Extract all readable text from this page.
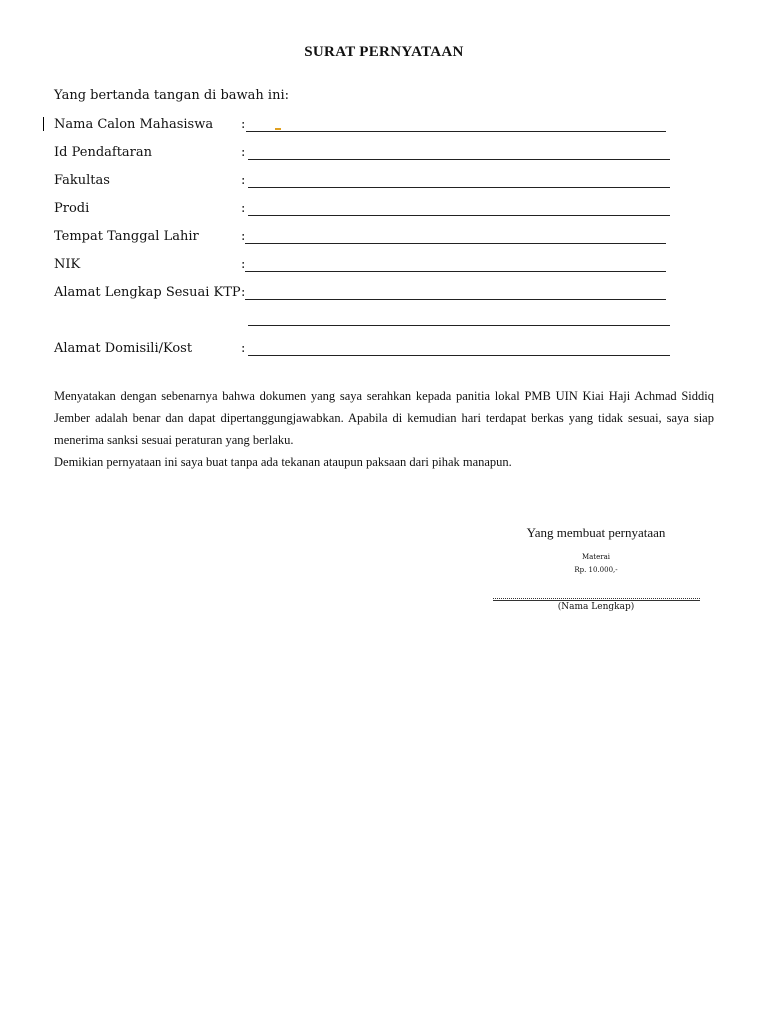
SURAT PERNYATAAN
Yang bertanda tangan di bawah ini:
Nama Calon Mahasiswa :
Id Pendaftaran	:
Fakultas	:
Prodi	:
Tempat Tanggal Lahir	:
NIK	:
Alamat Lengkap Sesuai KTP :
Alamat Domisili/Kost	:
Menyatakan dengan sebenarnya bahwa dokumen yang saya serahkan kepada panitia lokal PMB UIN Kiai Haji Achmad Siddiq Jember adalah benar dan dapat dipertanggungjawabkan. Apabila di kemudian hari terdapat berkas yang tidak sesuai, saya siap menerima sanksi sesuai peraturan yang berlaku.
Demikian pernyataan ini saya buat tanpa ada tekanan ataupun paksaan dari pihak manapun.
Yang membuat pernyataan
Materai
Rp. 10.000,-
(Nama Lengkap)
